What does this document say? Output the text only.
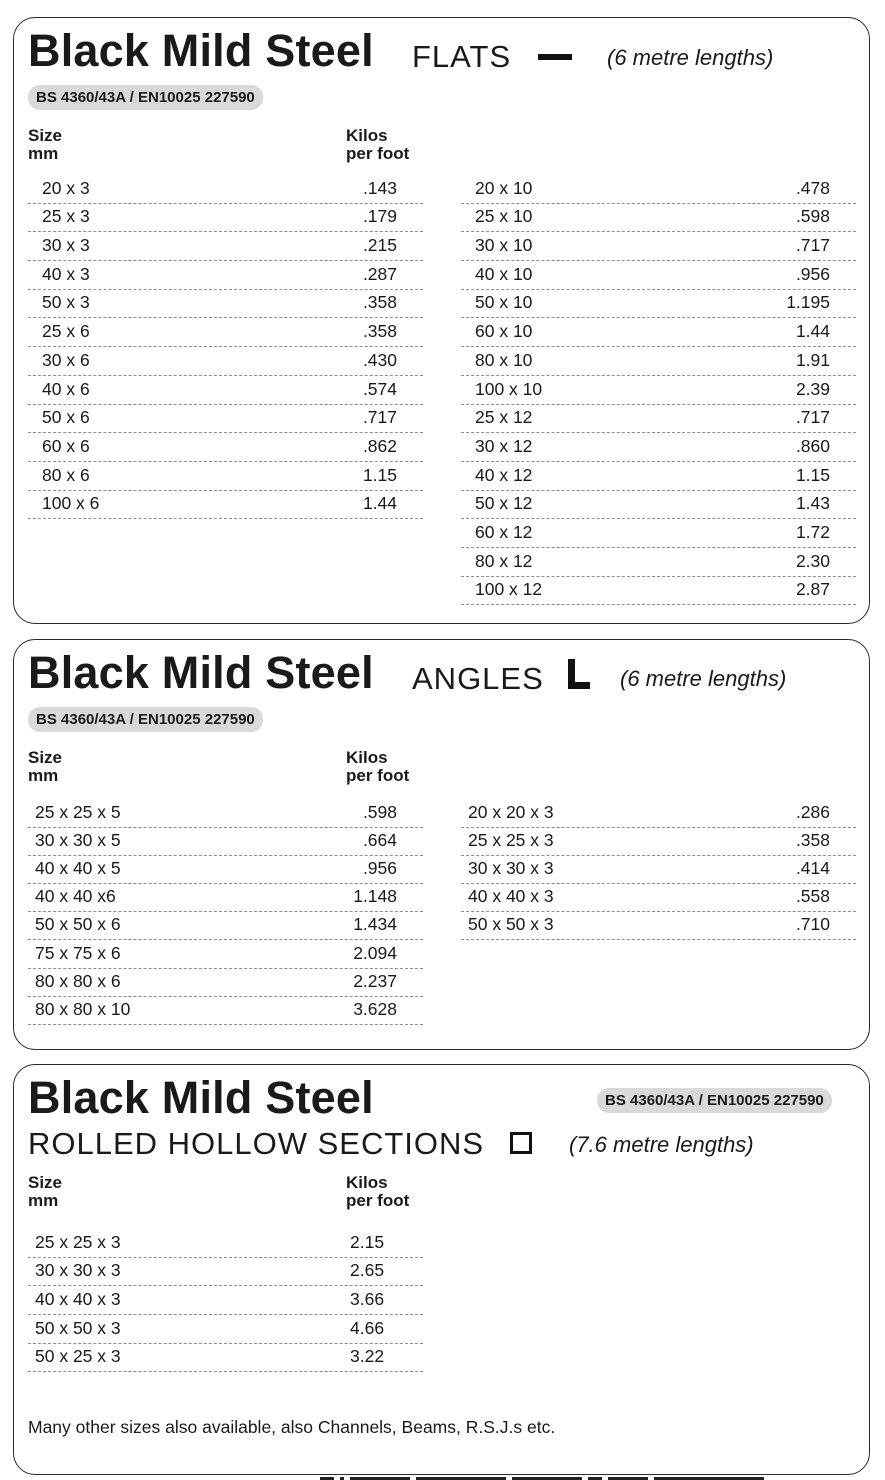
Black Mild Steel FLATS	(6 metre lengths)
BS 4360/43A / EN10025 227590
Size
mm
Kilos
per foot
20 x 3	.143
25 x 3	.179
30 x 3	.215
40 x 3	.287
50 x 3	.358
25 x 6	.358
30 x 6	.430
40 x 6	.574
50 x 6	.717
60 x 6	.862
80 x 6	1.15
100 x 6	1.44
20 x 10	.478
25 x 10	.598
30 x 10	.717
40 x 10	.956
50 x 10	1.195
60 x 10	1.44
80 x 10	1.91
100 x 10	2.39
25 x 12	.717
30 x 12	.860
40 x 12	1.15
50 x 12	1.43
60 x 12	1.72
80 x 12	2.30
100 x 12	2.87
Black Mild Steel ANGLES	(6 metre lengths)
BS 4360/43A / EN10025 227590
Size
mm
Kilos
per foot
25 x 25 x 5	.598
30 x 30 x 5	.664
40 x 40 x 5	.956
40 x 40 x6	1.148
50 x 50 x 6	1.434
75 x 75 x 6	2.094
80 x 80 x 6	2.237
80 x 80 x 10	3.628
20 x 20 x 3	.286
25 x 25 x 3	.358
30 x 30 x 3	.414
40 x 40 x 3	.558
50 x 50 x 3	.710
Black Mild Steel	BS 4360/43A / EN10025 227590
ROLLED HOLLOW SECTIONS	(7.6 metre lengths)
Size
mm
Kilos
per foot
25 x 25 x 3	2.15
30 x 30 x 3	2.65
40 x 40 x 3	3.66
50 x 50 x 3	4.66
50 x 25 x 3	3.22
Many other sizes also available, also Channels, Beams, R.S.J.s etc.
